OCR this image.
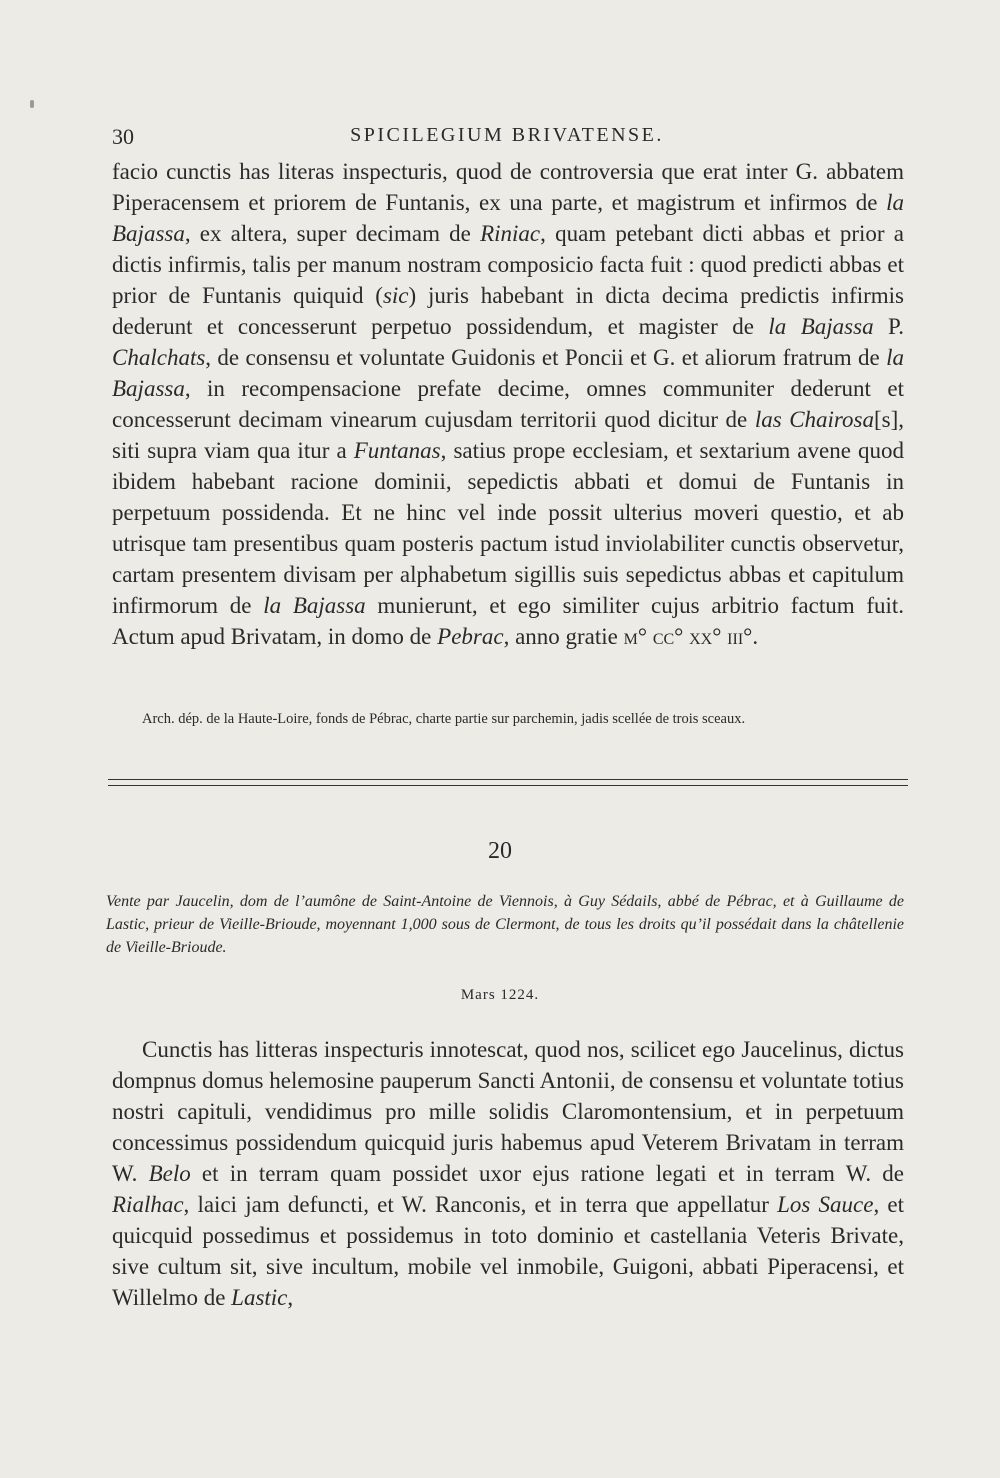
30	SPICILEGIUM BRIVATENSE.

facio cunctis has literas inspecturis, quod de controversia que erat inter G. abbatem Piperacensem et priorem de Funtanis, ex una parte, et magistrum et infirmos de la Bajassa, ex altera, super decimam de Riniac, quam petebant dicti abbas et prior a dictis infirmis, talis per manum nostram composicio facta fuit : quod predicti abbas et prior de Funtanis quiquid (sic) juris habebant in dicta decima predictis infirmis dederunt et concesserunt perpetuo possidendum, et magister de la Bajassa P. Chalchats, de consensu et voluntate Guidonis et Poncii et G. et aliorum fratrum de la Bajassa, in recompensacione prefate decime, omnes communiter dederunt et concesserunt decimam vinearum cujusdam territorii quod dicitur de las Chairosa[s], siti supra viam qua itur a Funtanas, satius prope ecclesiam, et sextarium avene quod ibidem habebant racione dominii, sepedictis abbati et domui de Funtanis in perpetuum possidenda. Et ne hinc vel inde possit ulterius moveri questio, et ab utrisque tam presentibus quam posteris pactum istud inviolabiliter cunctis observetur, cartam presentem divisam per alphabetum sigillis suis sepedictus abbas et capitulum infirmorum de la Bajassa munierunt, et ego similiter cujus arbitrio factum fuit. Actum apud Brivatam, in domo de Pebrac, anno gratie m° cc° xx° iii°.

Arch. dép. de la Haute-Loire, fonds de Pébrac, charte partie sur parchemin, jadis scellée de trois sceaux.

20

Vente par Jaucelin, dom de l’aumône de Saint-Antoine de Viennois, à Guy Sédails, abbé de Pébrac, et à Guillaume de Lastic, prieur de Vieille-Brioude, moyennant 1,000 sous de Clermont, de tous les droits qu’il possédait dans la châtellenie de Vieille-Brioude.

Mars 1224.

Cunctis has litteras inspecturis innotescat, quod nos, scilicet ego Jaucelinus, dictus dompnus domus helemosine pauperum Sancti Antonii, de consensu et voluntate totius nostri capituli, vendidimus pro mille solidis Claromontensium, et in perpetuum concessimus possidendum quicquid juris habemus apud Veterem Brivatam in terram W. Belo et in terram quam possidet uxor ejus ratione legati et in terram W. de Rialhac, laici jam defuncti, et W. Ranconis, et in terra que appellatur Los Sauce, et quicquid possedimus et possidemus in toto dominio et castellania Veteris Brivate, sive cultum sit, sive incultum, mobile vel inmobile, Guigoni, abbati Piperacensi, et Willelmo de Lastic,
